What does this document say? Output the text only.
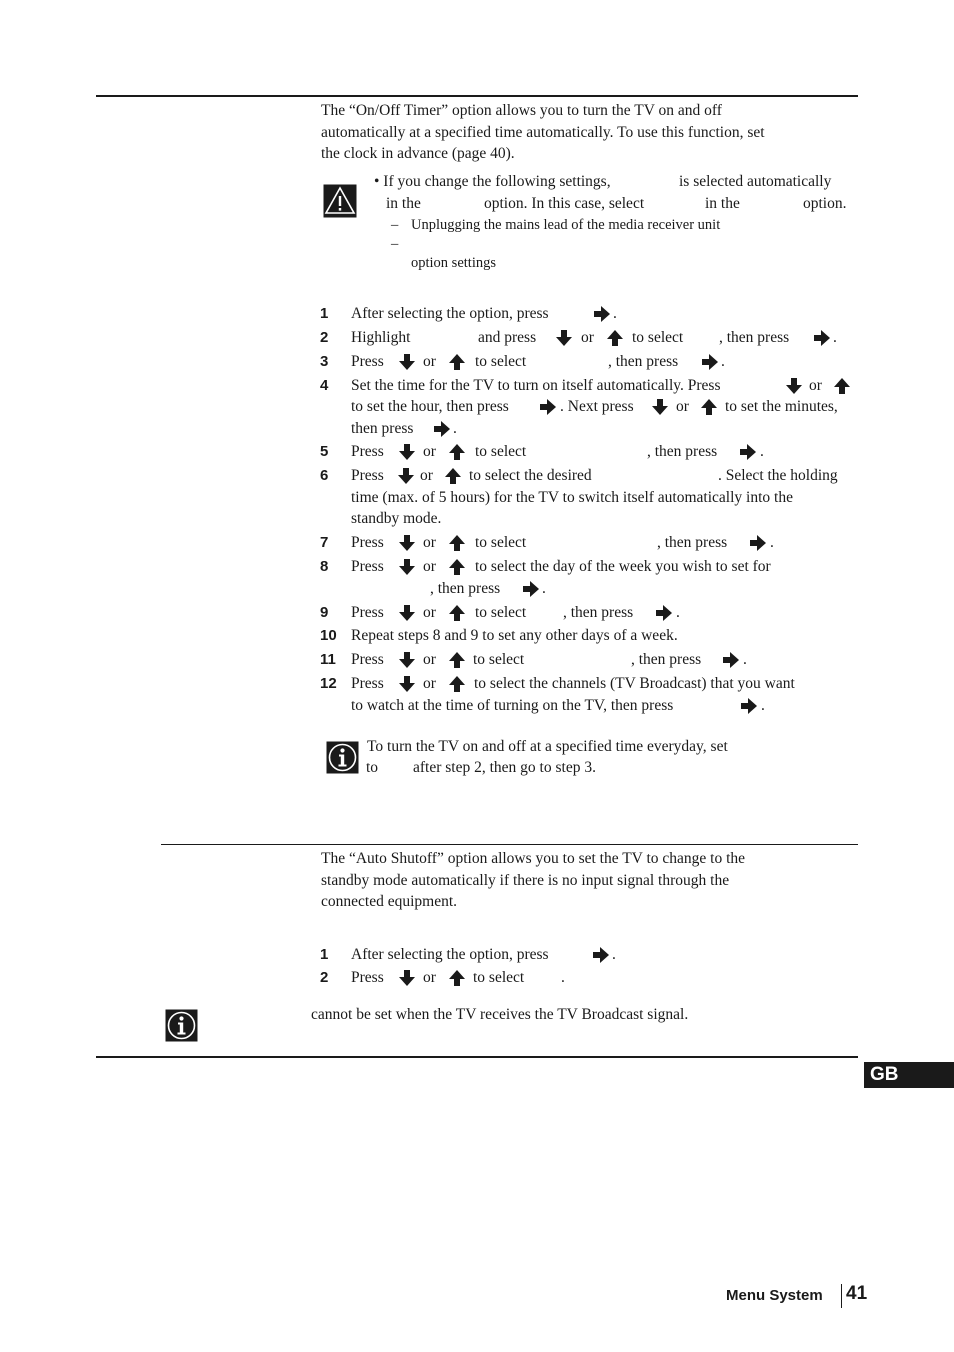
The “On/Off Timer” option allows you to turn the TV on and off
automatically at a specified time automatically. To use this function, set
the clock in advance (page 40).
• If you change the following settings,	is selected automatically
in the	option. In this case, select	in the	option.
– Unplugging the mains lead of the media receiver unit
–
option settings
1 After selecting the option, press	.
2 Highlight	and press	or to select , then press	.
3 Press	or	to select	, then press	.
4 Set the time for the TV to turn on itself automatically. Press	or
to set the hour, then press	. Next press	or to set the minutes,
then press	.
5 Press	or	to select	, then press	.
6 Press or to select the desired	. Select the holding
time (max. of 5 hours) for the TV to switch itself automatically into the
standby mode.
7 Press	or	to select	, then press	.
8 Press	or	to select the day of the week you wish to set for
, then press	.
9 Press	or	to select , then press	.
10 Repeat steps 8 and 9 to set any other days of a week.
11 Press	or to select	, then press	.
12 Press	or to select the channels (TV Broadcast) that you want
to watch at the time of turning on the TV, then press	.
To turn the TV on and off at a specified time everyday, set
to after step 2, then go to step 3.
The “Auto Shutoff” option allows you to set the TV to change to the
standby mode automatically if there is no input signal through the
connected equipment.
1 After selecting the option, press	.
2 Press	or to select .
cannot be set when the TV receives the TV Broadcast signal.
GB
Menu System 41
